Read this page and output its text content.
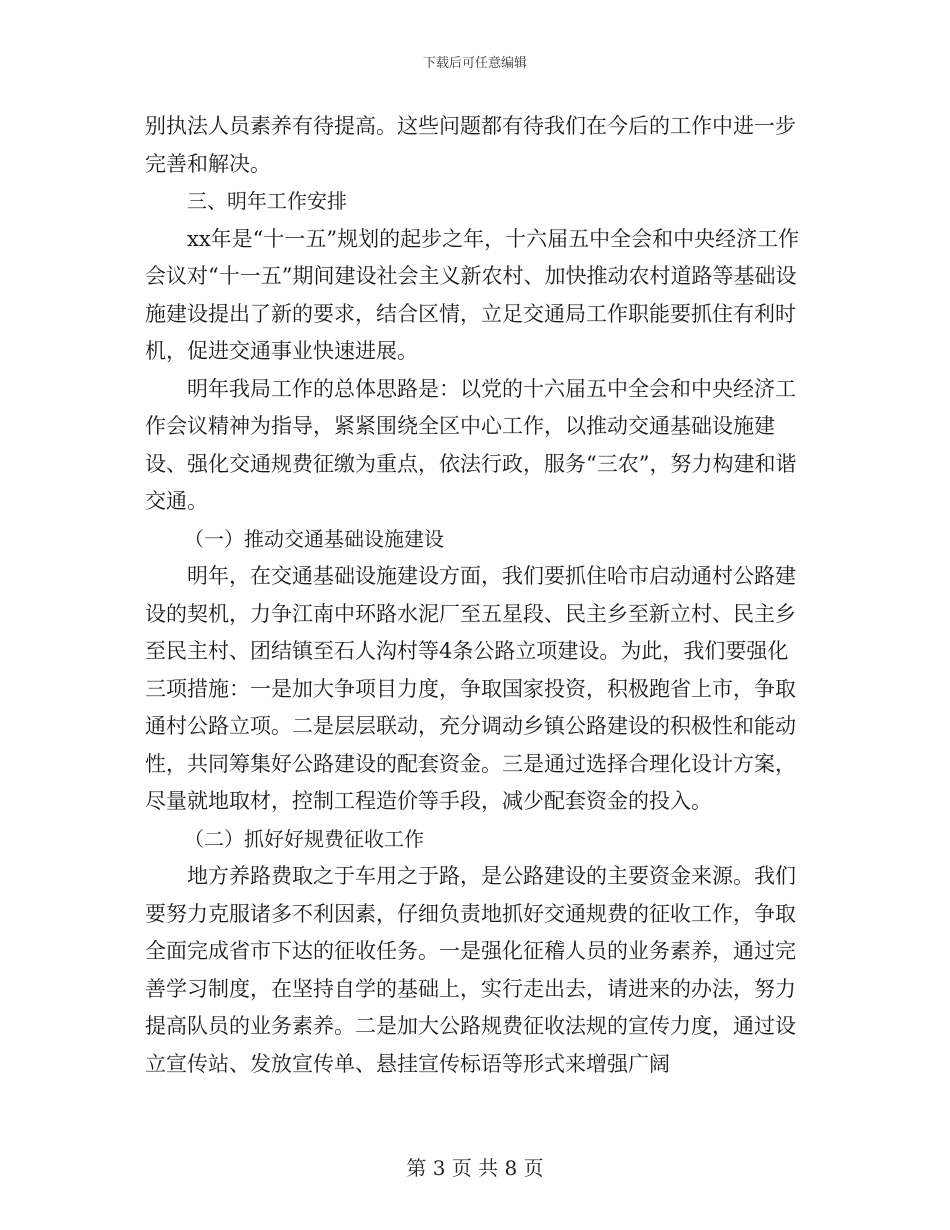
下载后可任意编辑

别执法人员素养有待提高。这些问题都有待我们在今后的工作中进一步完善和解决。

三、明年工作安排

xx年是“十一五”规划的起步之年，十六届五中全会和中央经济工作会议对“十一五”期间建设社会主义新农村、加快推动农村道路等基础设施建设提出了新的要求，结合区情，立足交通局工作职能要抓住有利时机，促进交通事业快速进展。

明年我局工作的总体思路是：以党的十六届五中全会和中央经济工作会议精神为指导，紧紧围绕全区中心工作，以推动交通基础设施建设、强化交通规费征缴为重点，依法行政，服务“三农”，努力构建和谐交通。

（一）推动交通基础设施建设

明年，在交通基础设施建设方面，我们要抓住哈市启动通村公路建设的契机，力争江南中环路水泥厂至五星段、民主乡至新立村、民主乡至民主村、团结镇至石人沟村等4条公路立项建设。为此，我们要强化三项措施：一是加大争项目力度，争取国家投资，积极跑省上市，争取通村公路立项。二是层层联动，充分调动乡镇公路建设的积极性和能动性，共同筹集好公路建设的配套资金。三是通过选择合理化设计方案，尽量就地取材，控制工程造价等手段，减少配套资金的投入。

（二）抓好好规费征收工作

地方养路费取之于车用之于路，是公路建设的主要资金来源。我们要努力克服诸多不利因素，仔细负责地抓好交通规费的征收工作，争取全面完成省市下达的征收任务。一是强化征稽人员的业务素养，通过完善学习制度，在坚持自学的基础上，实行走出去，请进来的办法，努力提高队员的业务素养。二是加大公路规费征收法规的宣传力度，通过设立宣传站、发放宣传单、悬挂宣传标语等形式来增强广阔

第 3 页 共 8 页
